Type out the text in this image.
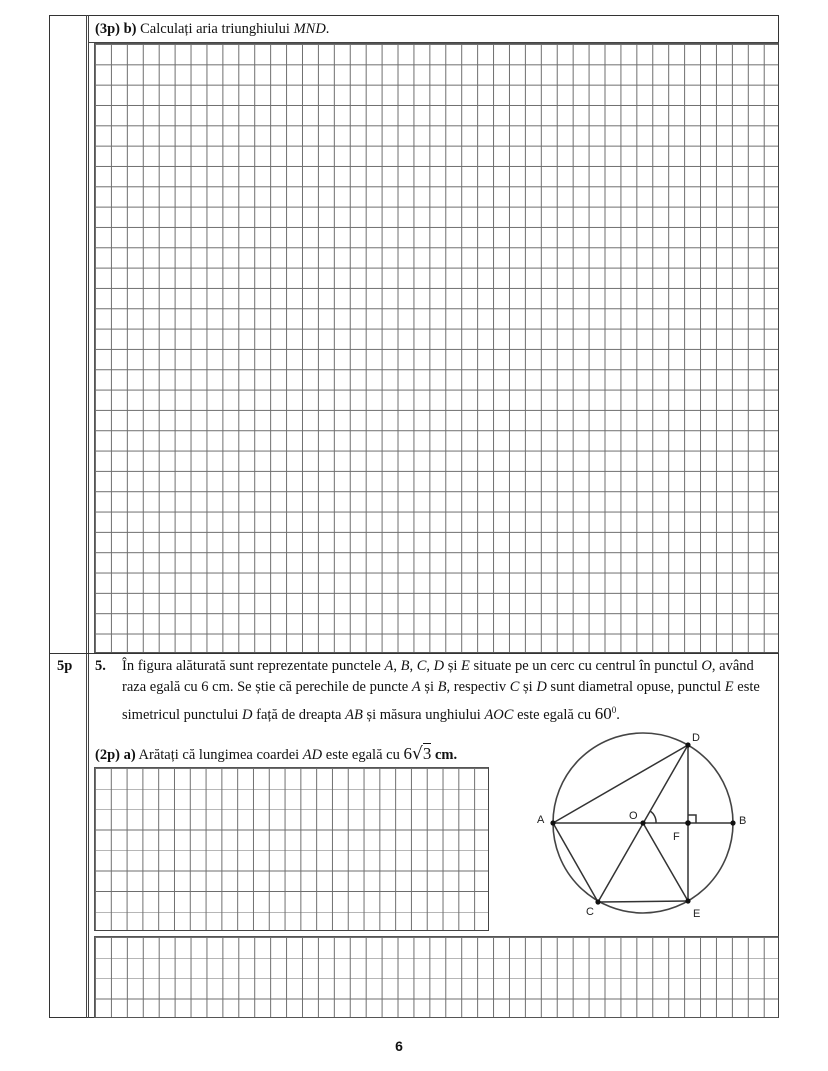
(3p) b) Calculați aria triunghiului MND.
5p 5. În figura alăturată sunt reprezentate punctele A, B, C, D și E situate pe un cerc cu centrul în punctul O, având
raza egală cu 6 cm. Se știe că perechile de puncte A și B, respectiv C și D sunt diametral opuse, punctul E este
simetricul punctului D față de dreapta AB și măsura unghiului AOC este egală cu $60^0$.
(2p) a) Arătați că lungimea coardei AD este egală cu 6√3 cm.
A	B
C
D
E
F
O
6
